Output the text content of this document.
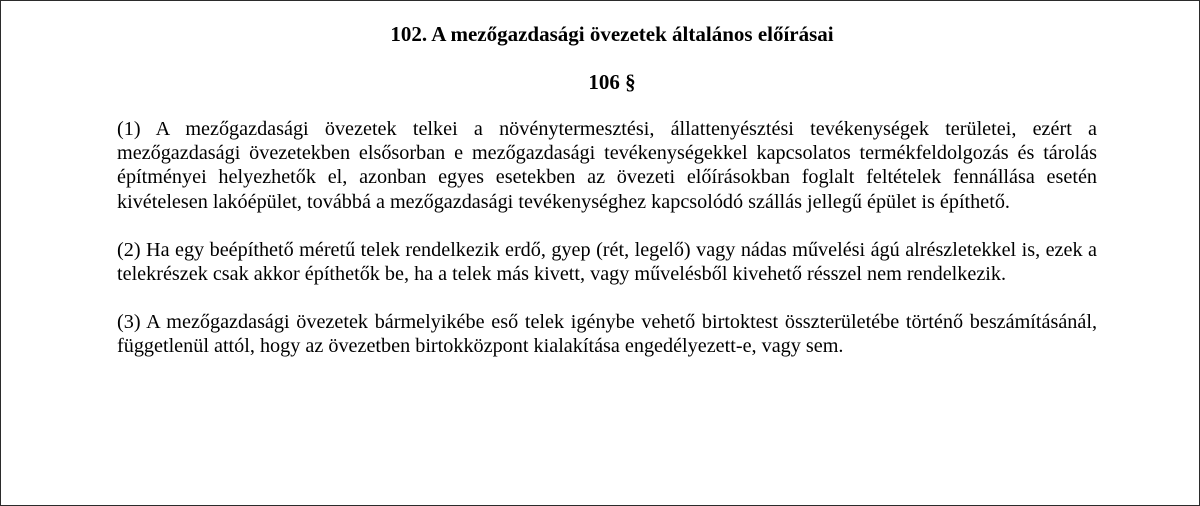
102. A mezőgazdasági övezetek általános előírásai
106 §

(1) A mezőgazdasági övezetek telkei a növénytermesztési, állattenyésztési tevékenységek területei, ezért a mezőgazdasági övezetekben elsősorban e mezőgazdasági tevékenységekkel kapcsolatos termékfeldolgozás és tárolás építményei helyezhetők el, azonban egyes esetekben az övezeti előírásokban foglalt feltételek fennállása esetén kivételesen lakóépület, továbbá a mezőgazdasági tevékenységhez kapcsolódó szállás jellegű épület is építhető.

(2) Ha egy beépíthető méretű telek rendelkezik erdő, gyep (rét, legelő) vagy nádas művelési ágú alrészletekkel is, ezek a telekrészek csak akkor építhetők be, ha a telek más kivett, vagy művelésből kivehető résszel nem rendelkezik.

(3) A mezőgazdasági övezetek bármelyikébe eső telek igénybe vehető birtoktest összterületébe történő beszámításánál, függetlenül attól, hogy az övezetben birtokközpont kialakítása engedélyezett-e, vagy sem.
